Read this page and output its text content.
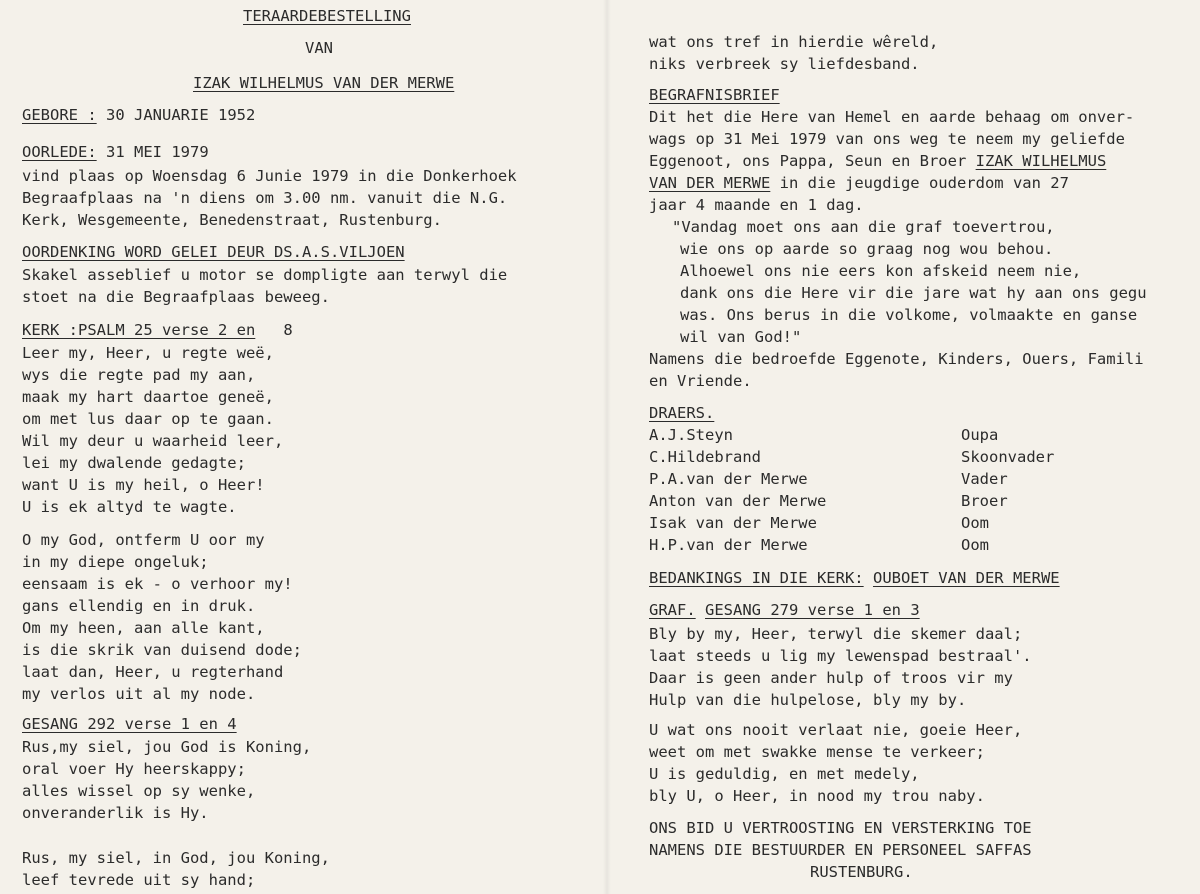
TERAARDEBESTELLING
VAN
IZAK WILHELMUS VAN DER MERWE
GEBORE : 30 JANUARIE 1952
OORLEDE: 31 MEI 1979
vind plaas op Woensdag 6 Junie 1979 in die Donkerhoek
Begraafplaas na 'n diens om 3.00 nm. vanuit die N.G.
Kerk, Wesgemeente, Benedenstraat, Rustenburg.
OORDENKING WORD GELEI DEUR DS.A.S.VILJOEN
Skakel asseblief u motor se dompligte aan terwyl die
stoet na die Begraafplaas beweeg.
KERK :PSALM 25 verse 2 en 8
Leer my, Heer, u regte weë,
wys die regte pad my aan,
maak my hart daartoe geneë,
om met lus daar op te gaan.
Wil my deur u waarheid leer,
lei my dwalende gedagte;
want U is my heil, o Heer!
U is ek altyd te wagte.
O my God, ontferm U oor my
in my diepe ongeluk;
eensaam is ek - o verhoor my!
gans ellendig en in druk.
Om my heen, aan alle kant,
is die skrik van duisend dode;
laat dan, Heer, u regterhand
my verlos uit al my node.
GESANG 292 verse 1 en 4
Rus,my siel, jou God is Koning,
oral voer Hy heerskappy;
alles wissel op sy wenke,
onveranderlik is Hy.
Rus, my siel, in God, jou Koning,
leef tevrede uit sy hand;
wat ons tref in hierdie wêreld,
niks verbreek sy liefdesband.
BEGRAFNISBRIEF
Dit het die Here van Hemel en aarde behaag om onver-
wags op 31 Mei 1979 van ons weg te neem my geliefde
Eggenoot, ons Pappa, Seun en Broer IZAK WILHELMUS
VAN DER MERWE in die jeugdige ouderdom van 27
jaar 4 maande en 1 dag.
"Vandag moet ons aan die graf toevertrou,
wie ons op aarde so graag nog wou behou.
Alhoewel ons nie eers kon afskeid neem nie,
dank ons die Here vir die jare wat hy aan ons gegu
was. Ons berus in die volkome, volmaakte en ganse
wil van God!"
Namens die bedroefde Eggenote, Kinders, Ouers, Famili
en Vriende.
DRAERS.
A.J.Steyn	Oupa
C.Hildebrand	Skoonvader
P.A.van der Merwe	Vader
Anton van der Merwe	Broer
Isak van der Merwe	Oom
H.P.van der Merwe	Oom
BEDANKINGS IN DIE KERK: OUBOET VAN DER MERWE
GRAF. GESANG 279 verse 1 en 3
Bly by my, Heer, terwyl die skemer daal;
laat steeds u lig my lewenspad bestraal'.
Daar is geen ander hulp of troos vir my
Hulp van die hulpelose, bly my by.
U wat ons nooit verlaat nie, goeie Heer,
weet om met swakke mense te verkeer;
U is geduldig, en met medely,
bly U, o Heer, in nood my trou naby.
ONS BID U VERTROOSTING EN VERSTERKING TOE
NAMENS DIE BESTUURDER EN PERSONEEL SAFFAS
RUSTENBURG.
